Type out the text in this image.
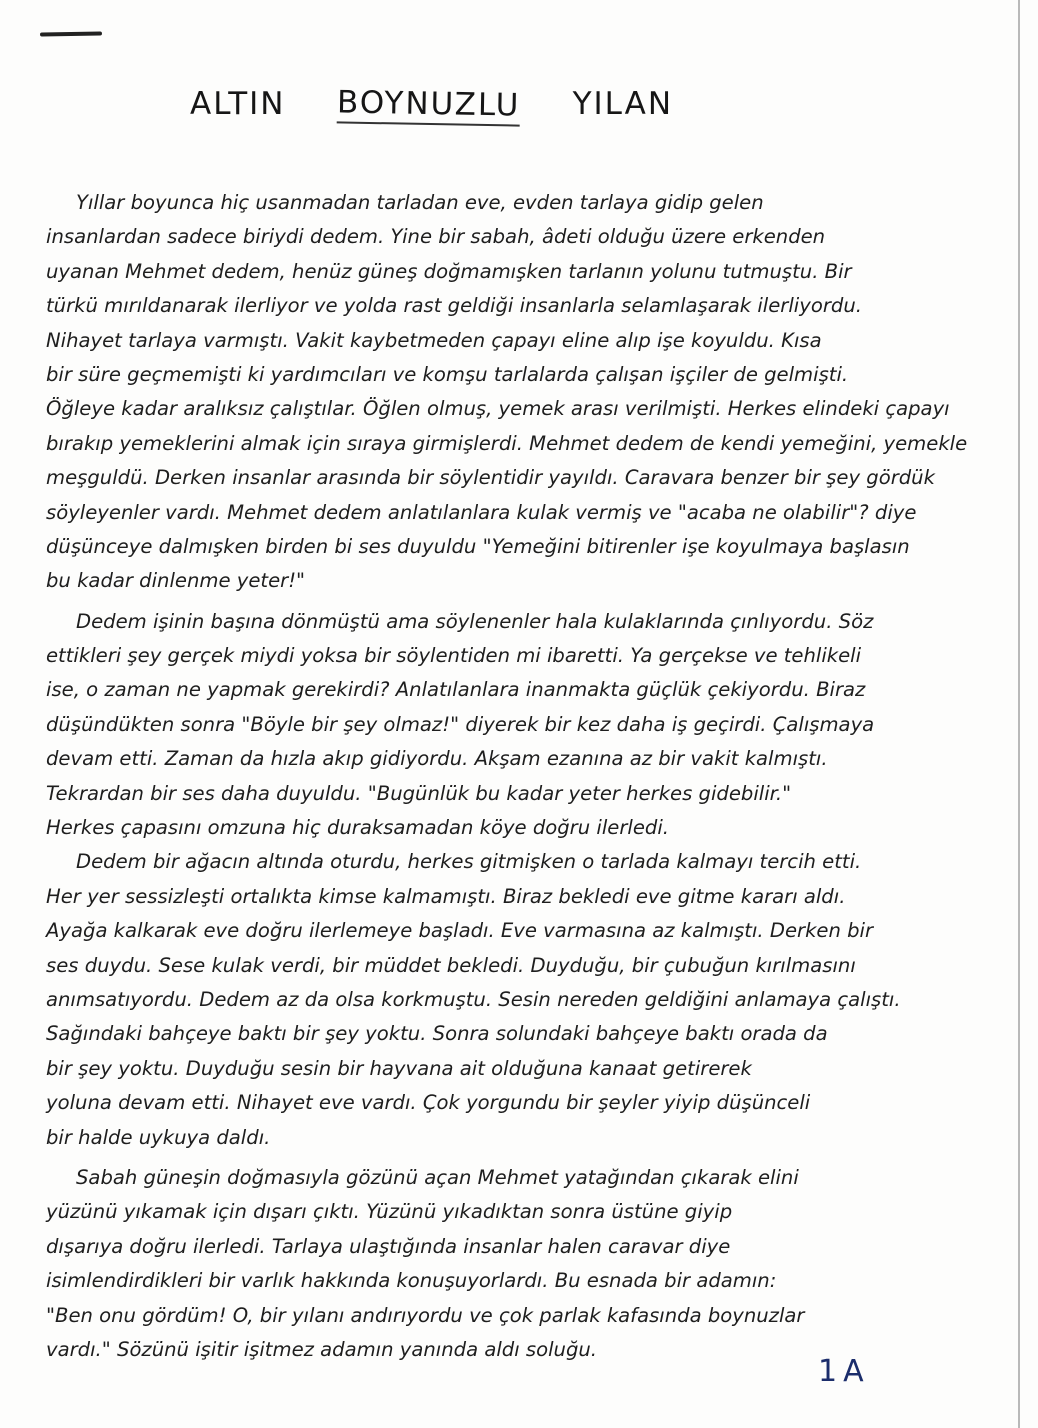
ALTIN BOYNUZLU YILAN
Yıllar boyunca hiç usanmadan tarladan eve, evden tarlaya gidip gelen
insanlardan sadece biriydi dedem. Yine bir sabah, âdeti olduğu üzere erkenden
uyanan Mehmet dedem, henüz güneş doğmamışken tarlanın yolunu tutmuştu. Bir
türkü mırıldanarak ilerliyor ve yolda rast geldiği insanlarla selamlaşarak ilerliyordu.
Nihayet tarlaya varmıştı. Vakit kaybetmeden çapayı eline alıp işe koyuldu. Kısa
bir süre geçmemişti ki yardımcıları ve komşu tarlalarda çalışan işçiler de gelmişti.
Öğleye kadar aralıksız çalıştılar. Öğlen olmuş, yemek arası verilmişti. Herkes elindeki çapayı
bırakıp yemeklerini almak için sıraya girmişlerdi. Mehmet dedem de kendi yemeğini, yemekle
meşguldü. Derken insanlar arasında bir söylentidir yayıldı. Caravara benzer bir şey gördük
söyleyenler vardı. Mehmet dedem anlatılanlara kulak vermiş ve "acaba ne olabilir"? diye
düşünceye dalmışken birden bi ses duyuldu "Yemeğini bitirenler işe koyulmaya başlasın
bu kadar dinlenme yeter!"
Dedem işinin başına dönmüştü ama söylenenler hala kulaklarında çınlıyordu. Söz
ettikleri şey gerçek miydi yoksa bir söylentiden mi ibaretti. Ya gerçekse ve tehlikeli
ise, o zaman ne yapmak gerekirdi? Anlatılanlara inanmakta güçlük çekiyordu. Biraz
düşündükten sonra "Böyle bir şey olmaz!" diyerek bir kez daha iş geçirdi. Çalışmaya
devam etti. Zaman da hızla akıp gidiyordu. Akşam ezanına az bir vakit kalmıştı.
Tekrardan bir ses daha duyuldu. "Bugünlük bu kadar yeter herkes gidebilir."
Herkes çapasını omzuna hiç duraksamadan köye doğru ilerledi.
Dedem bir ağacın altında oturdu, herkes gitmişken o tarlada kalmayı tercih etti.
Her yer sessizleşti ortalıkta kimse kalmamıştı. Biraz bekledi eve gitme kararı aldı.
Ayağa kalkarak eve doğru ilerlemeye başladı. Eve varmasına az kalmıştı. Derken bir
ses duydu. Sese kulak verdi, bir müddet bekledi. Duyduğu, bir çubuğun kırılmasını
anımsatıyordu. Dedem az da olsa korkmuştu. Sesin nereden geldiğini anlamaya çalıştı.
Sağındaki bahçeye baktı bir şey yoktu. Sonra solundaki bahçeye baktı orada da
bir şey yoktu. Duyduğu sesin bir hayvana ait olduğuna kanaat getirerek
yoluna devam etti. Nihayet eve vardı. Çok yorgundu bir şeyler yiyip düşünceli
bir halde uykuya daldı.
Sabah güneşin doğmasıyla gözünü açan Mehmet yatağından çıkarak elini
yüzünü yıkamak için dışarı çıktı. Yüzünü yıkadıktan sonra üstüne giyip
dışarıya doğru ilerledi. Tarlaya ulaştığında insanlar halen caravar diye
isimlendirdikleri bir varlık hakkında konuşuyorlardı. Bu esnada bir adamın:
"Ben onu gördüm! O, bir yılanı andırıyordu ve çok parlak kafasında boynuzlar
vardı." Sözünü işitir işitmez adamın yanında aldı soluğu.
1A
